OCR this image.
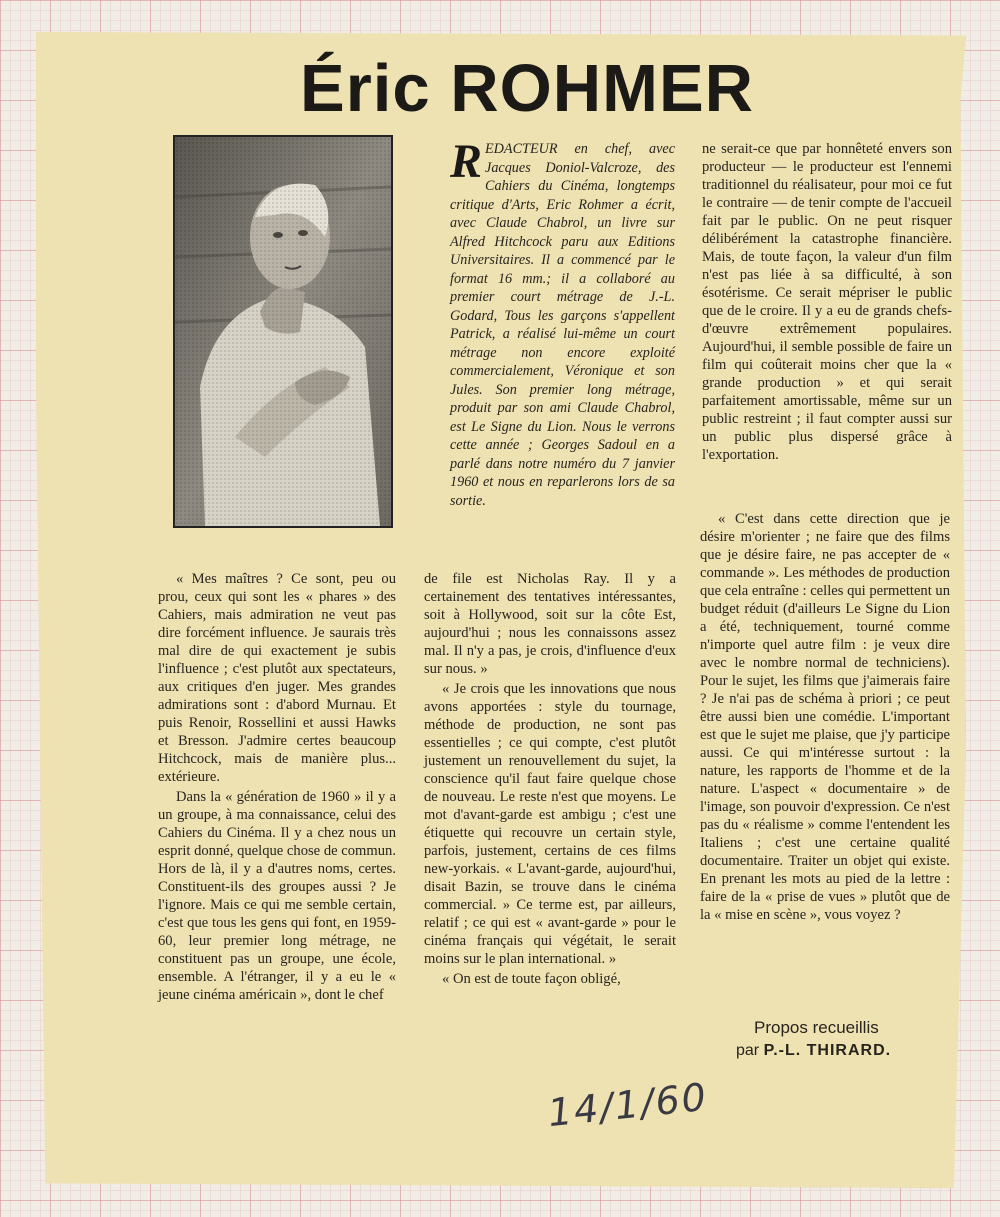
Éric ROHMER

REDACTEUR en chef, avec Jacques Doniol-Valcroze, des Cahiers du Cinéma, longtemps critique d'Arts, Eric Rohmer a écrit, avec Claude Chabrol, un livre sur Alfred Hitchcock paru aux Editions Universitaires. Il a commencé par le format 16 mm.; il a collaboré au premier court métrage de J.-L. Godard, Tous les garçons s'appellent Patrick, a réalisé lui-même un court métrage non encore exploité commercialement, Véronique et son Jules. Son premier long métrage, produit par son ami Claude Chabrol, est Le Signe du Lion. Nous le verrons cette année ; Georges Sadoul en a parlé dans notre numéro du 7 janvier 1960 et nous en reparlerons lors de sa sortie.

« Mes maîtres ? Ce sont, peu ou prou, ceux qui sont les « phares » des Cahiers, mais admiration ne veut pas dire forcément influence. Je saurais très mal dire de qui exactement je subis l'influence ; c'est plutôt aux spectateurs, aux critiques d'en juger. Mes grandes admirations sont : d'abord Murnau. Et puis Renoir, Rossellini et aussi Hawks et Bresson. J'admire certes beaucoup Hitchcock, mais de manière plus... extérieure.

Dans la « génération de 1960 » il y a un groupe, à ma connaissance, celui des Cahiers du Cinéma. Il y a chez nous un esprit donné, quelque chose de commun. Hors de là, il y a d'autres noms, certes. Constituent-ils des groupes aussi ? Je l'ignore. Mais ce qui me semble certain, c'est que tous les gens qui font, en 1959-60, leur premier long métrage, ne constituent pas un groupe, une école, ensemble. A l'étranger, il y a eu le « jeune cinéma américain », dont le chef

de file est Nicholas Ray. Il y a certainement des tentatives intéressantes, soit à Hollywood, soit sur la côte Est, aujourd'hui ; nous les connaissons assez mal. Il n'y a pas, je crois, d'influence d'eux sur nous. »

« Je crois que les innovations que nous avons apportées : style du tournage, méthode de production, ne sont pas essentielles ; ce qui compte, c'est plutôt justement un renouvellement du sujet, la conscience qu'il faut faire quelque chose de nouveau. Le reste n'est que moyens. Le mot d'avant-garde est ambigu ; c'est une étiquette qui recouvre un certain style, parfois, justement, certains de ces films new-yorkais. « L'avant-garde, aujourd'hui, disait Bazin, se trouve dans le cinéma commercial. » Ce terme est, par ailleurs, relatif ; ce qui est « avant-garde » pour le cinéma français qui végétait, le serait moins sur le plan international. »

« On est de toute façon obligé,

ne serait-ce que par honnêteté envers son producteur — le producteur est l'ennemi traditionnel du réalisateur, pour moi ce fut le contraire — de tenir compte de l'accueil fait par le public. On ne peut risquer délibérément la catastrophe financière. Mais, de toute façon, la valeur d'un film n'est pas liée à sa difficulté, à son ésotérisme. Ce serait mépriser le public que de le croire. Il y a eu de grands chefs-d'œuvre extrêmement populaires. Aujourd'hui, il semble possible de faire un film qui coûterait moins cher que la « grande production » et qui serait parfaitement amortissable, même sur un public restreint ; il faut compter aussi sur un public plus dispersé grâce à l'exportation.

« C'est dans cette direction que je désire m'orienter ; ne faire que des films que je désire faire, ne pas accepter de « commande ». Les méthodes de production que cela entraîne : celles qui permettent un budget réduit (d'ailleurs Le Signe du Lion a été, techniquement, tourné comme n'importe quel autre film : je veux dire avec le nombre normal de techniciens). Pour le sujet, les films que j'aimerais faire ? Je n'ai pas de schéma à priori ; ce peut être aussi bien une comédie. L'important est que le sujet me plaise, que j'y participe aussi. Ce qui m'intéresse surtout : la nature, les rapports de l'homme et de la nature. L'aspect « documentaire » de l'image, son pouvoir d'expression. Ce n'est pas du « réalisme » comme l'entendent les Italiens ; c'est une certaine qualité documentaire. Traiter un objet qui existe. En prenant les mots au pied de la lettre : faire de la « prise de vues » plutôt que de la « mise en scène », vous voyez ?

Propos recueillis
par P.-L. THIRARD.
14/1/60
